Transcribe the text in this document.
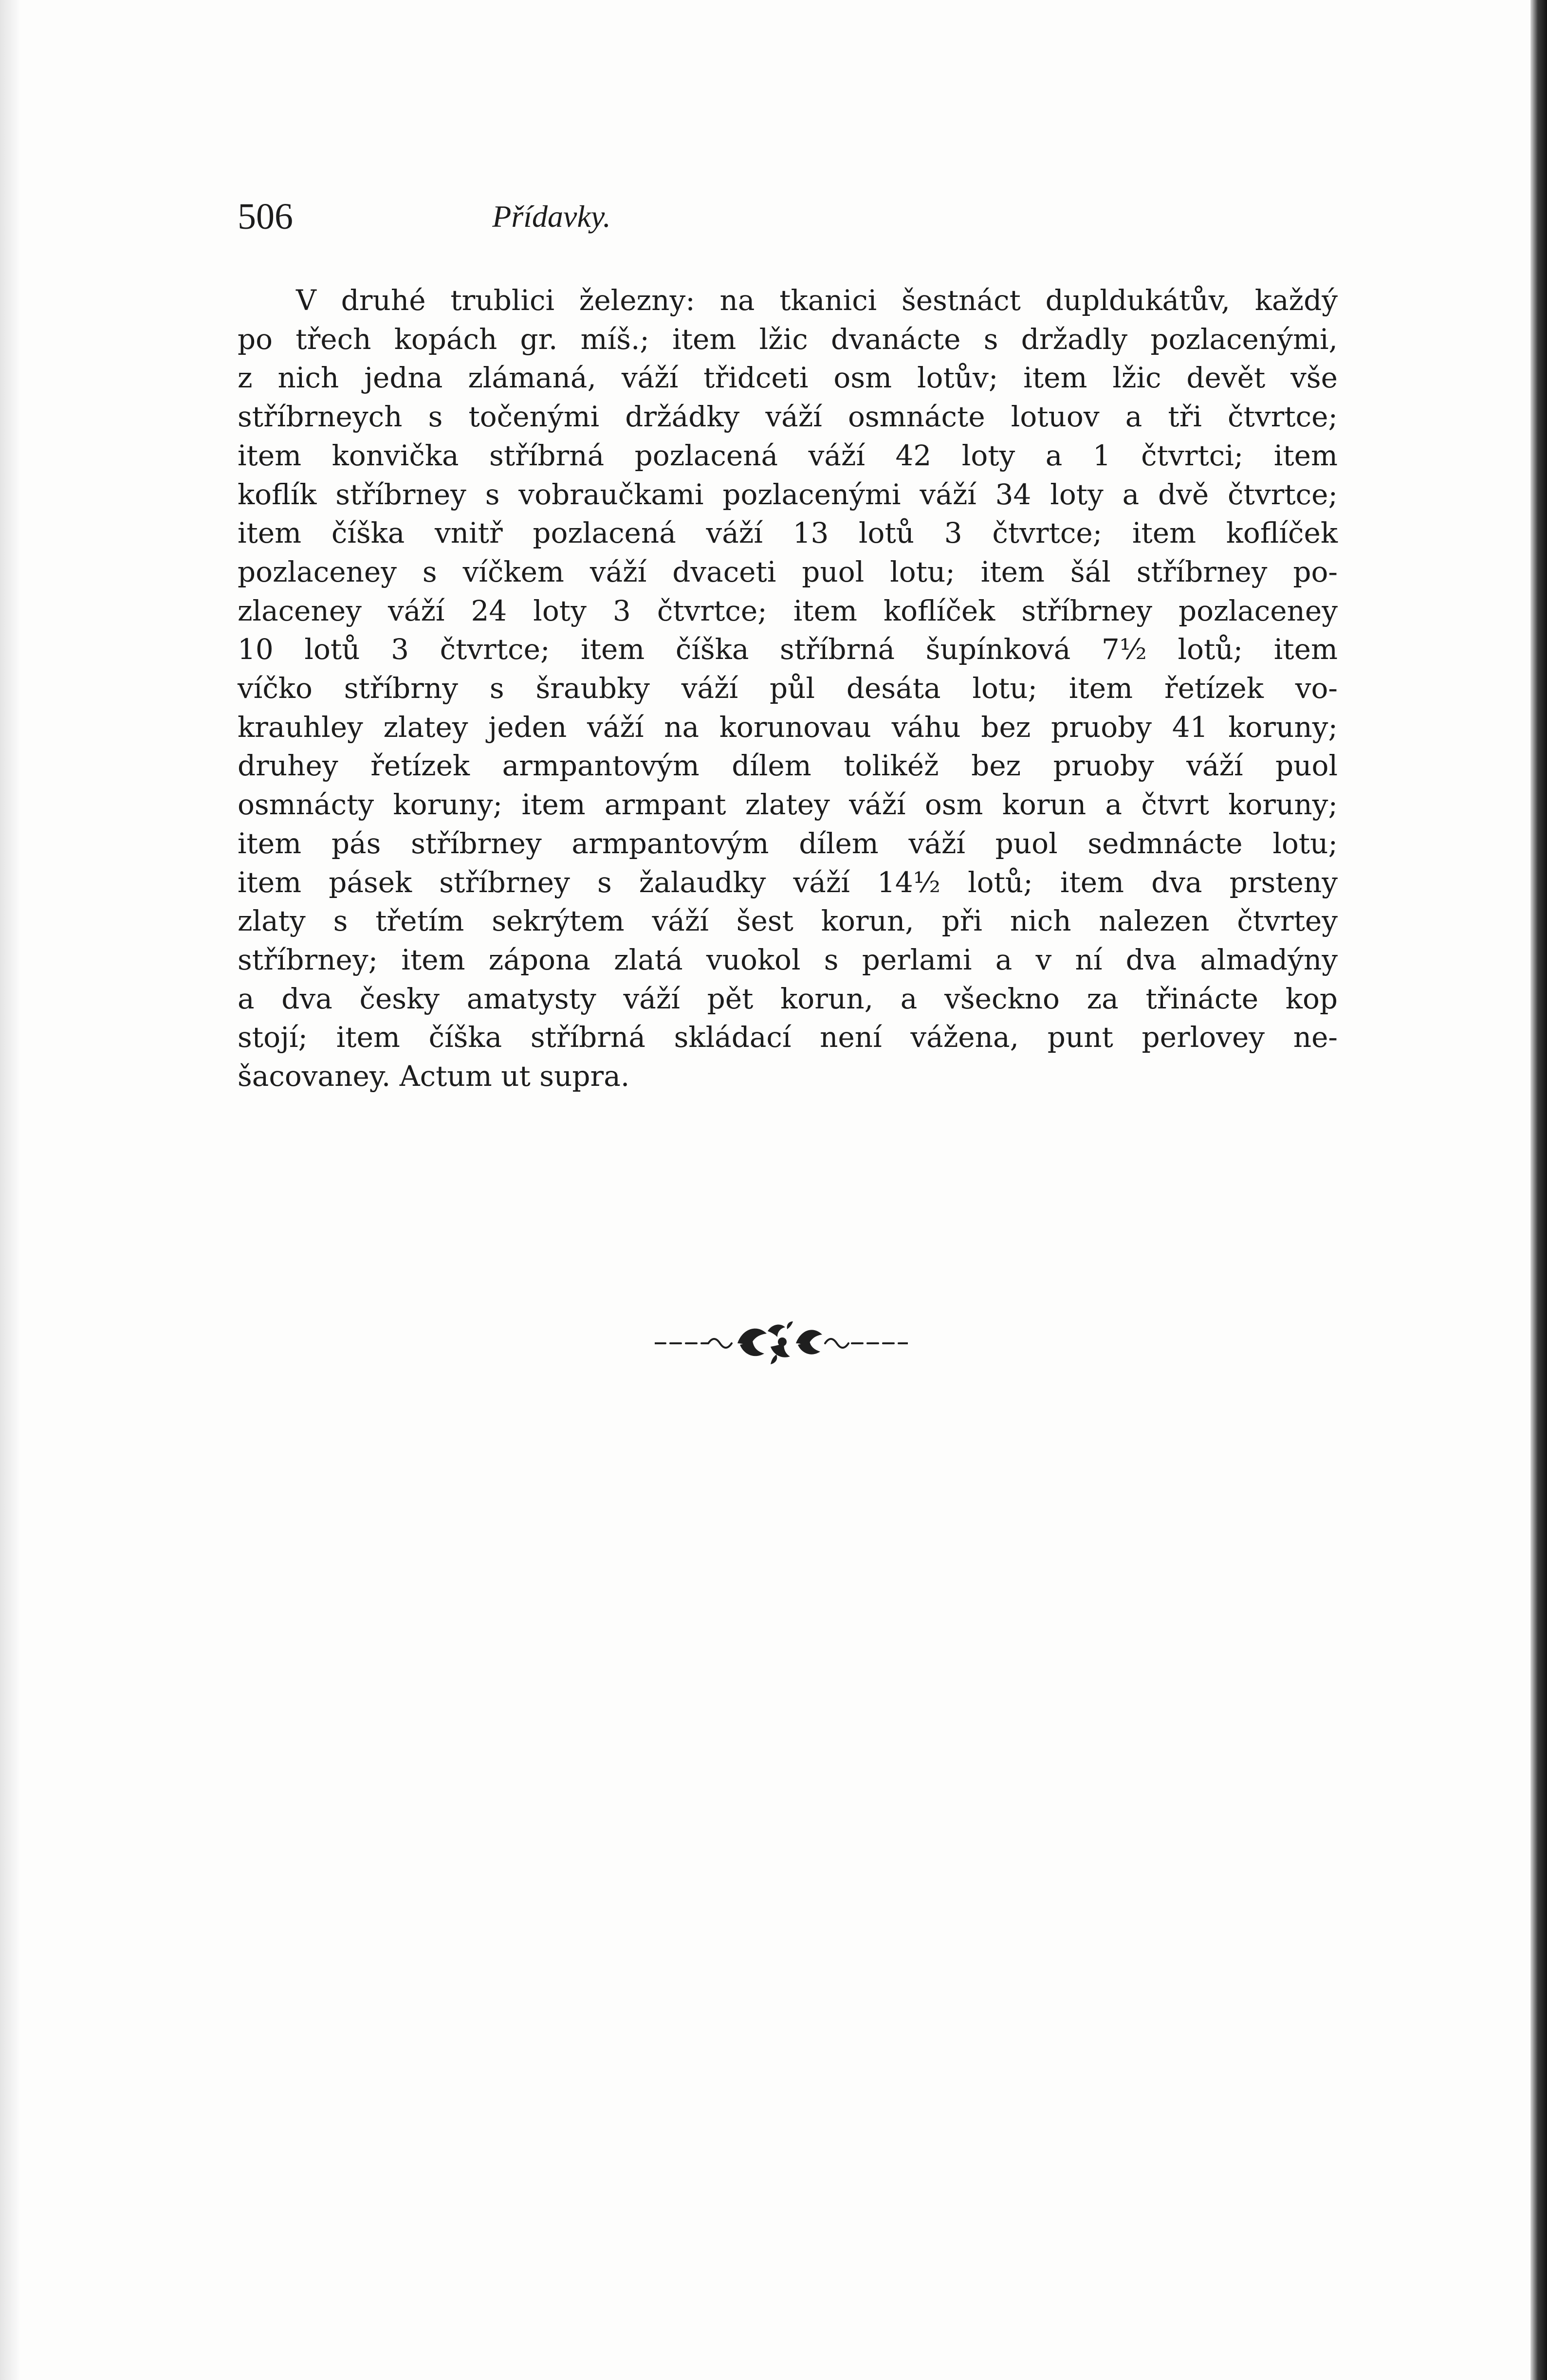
506	Přídavky.
V druhé trublici železny: na tkanici šestnáct dupldukátův, každý
po třech kopách gr. míš.; item lžic dvanácte s držadly pozlacenými,
z nich jedna zlámaná, váží třidceti osm lotův; item lžic devět vše
stříbrneych s točenými držádky váží osmnácte lotuov a tři čtvrtce;
item konvička stříbrná pozlacená váží 42 loty a 1 čtvrtci; item
koflík stříbrney s vobraučkami pozlacenými váží 34 loty a dvě čtvrtce;
item číška vnitř pozlacená váží 13 lotů 3 čtvrtce; item koflíček
pozlaceney s víčkem váží dvaceti puol lotu; item šál stříbrney po-
zlaceney váží 24 loty 3 čtvrtce; item koflíček stříbrney pozlaceney
10 lotů 3 čtvrtce; item číška stříbrná šupínková 7½ lotů; item
víčko stříbrny s šraubky váží půl desáta lotu; item řetízek vo-
krauhley zlatey jeden váží na korunovau váhu bez pruoby 41 koruny;
druhey řetízek armpantovým dílem tolikéž bez pruoby váží puol
osmnácty koruny; item armpant zlatey váží osm korun a čtvrt koruny;
item pás stříbrney armpantovým dílem váží puol sedmnácte lotu;
item pásek stříbrney s žalaudky váží 14½ lotů; item dva prsteny
zlaty s třetím sekrýtem váží šest korun, při nich nalezen čtvrtey
stříbrney; item zápona zlatá vuokol s perlami a v ní dva almadýny
a dva česky amatysty váží pět korun, a všeckno za třinácte kop
stojí; item číška stříbrná skládací není vážena, punt perlovey ne-
šacovaney. Actum ut supra.
